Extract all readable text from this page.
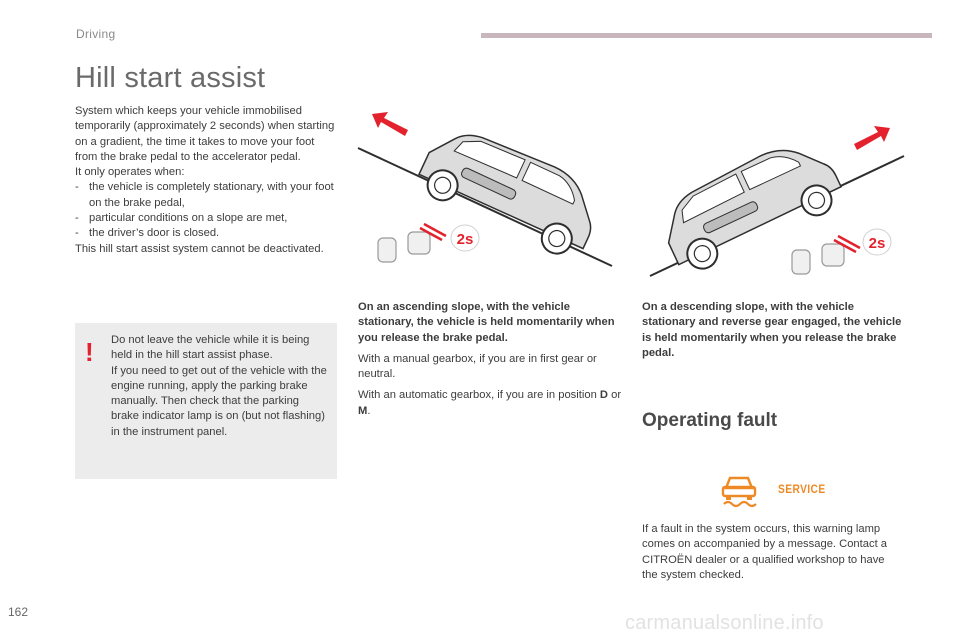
Driving
Hill start assist

System which keeps your vehicle immobilised temporarily (approximately 2 seconds) when starting on a gradient, the time it takes to move your foot from the brake pedal to the accelerator pedal.

It only operates when:

- the vehicle is completely stationary, with your foot on the brake pedal,
- particular conditions on a slope are met,
- the driver’s door is closed.

This hill start assist system cannot be deactivated.

! Do not leave the vehicle while it is being held in the hill start assist phase.
If you need to get out of the vehicle with the engine running, apply the parking brake manually. Then check that the parking brake indicator lamp is on (but not flashing) in the instrument panel.

2s	2s

On an ascending slope, with the vehicle stationary, the vehicle is held momentarily when you release the brake pedal.

With a manual gearbox, if you are in first gear or neutral.

With an automatic gearbox, if you are in position D or M.

On a descending slope, with the vehicle stationary and reverse gear engaged, the vehicle is held momentarily when you release the brake pedal.

Operating fault
SERVICE

If a fault in the system occurs, this warning lamp comes on accompanied by a message. Contact a CITROËN dealer or a qualified workshop to have the system checked.

162	carmanualsonline.info
